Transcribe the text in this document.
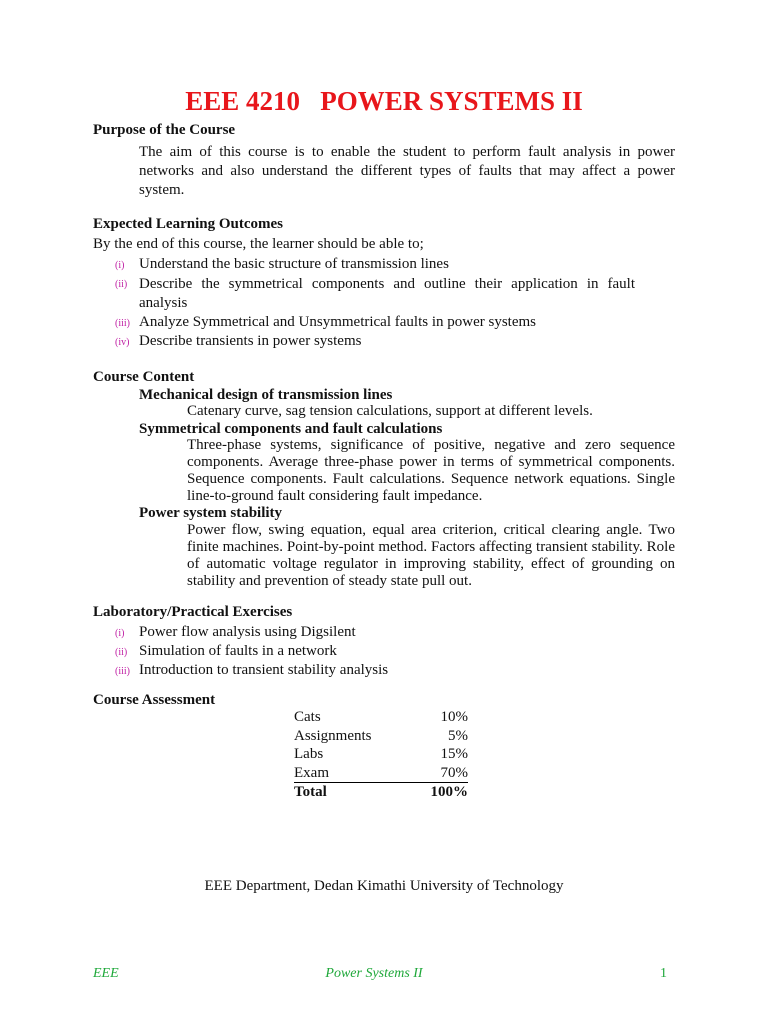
EEE 4210   POWER SYSTEMS II
Purpose of the Course
The aim of this course is to enable the student to perform fault analysis in power networks and also understand the different types of faults that may affect a power system.
Expected Learning Outcomes
By the end of this course, the learner should be able to;
(i) Understand the basic structure of transmission lines
(ii) Describe the symmetrical components and outline their application in fault
analysis
(iii) Analyze Symmetrical and Unsymmetrical faults in power systems
(iv) Describe transients in power systems
Course Content
Mechanical design of transmission lines
Catenary curve, sag tension calculations, support at different levels.
Symmetrical components and fault calculations
Three-phase systems, significance of positive, negative and zero sequence components. Average three-phase power in terms of symmetrical components. Sequence components. Fault calculations. Sequence network equations. Single line-to-ground fault considering fault impedance.
Power system stability
Power flow, swing equation, equal area criterion, critical clearing angle. Two finite machines. Point-by-point method. Factors affecting transient stability. Role of automatic voltage regulator in improving stability, effect of grounding on stability and prevention of steady state pull out.
Laboratory/Practical Exercises
(i) Power flow analysis using Digsilent
(ii) Simulation of faults in a network
(iii) Introduction to transient stability analysis
Course Assessment
Cats	10%
Assignments	5%
Labs	15%
Exam	70%
Total	100%
EEE Department, Dedan Kimathi University of Technology
EEE	Power Systems II	1
